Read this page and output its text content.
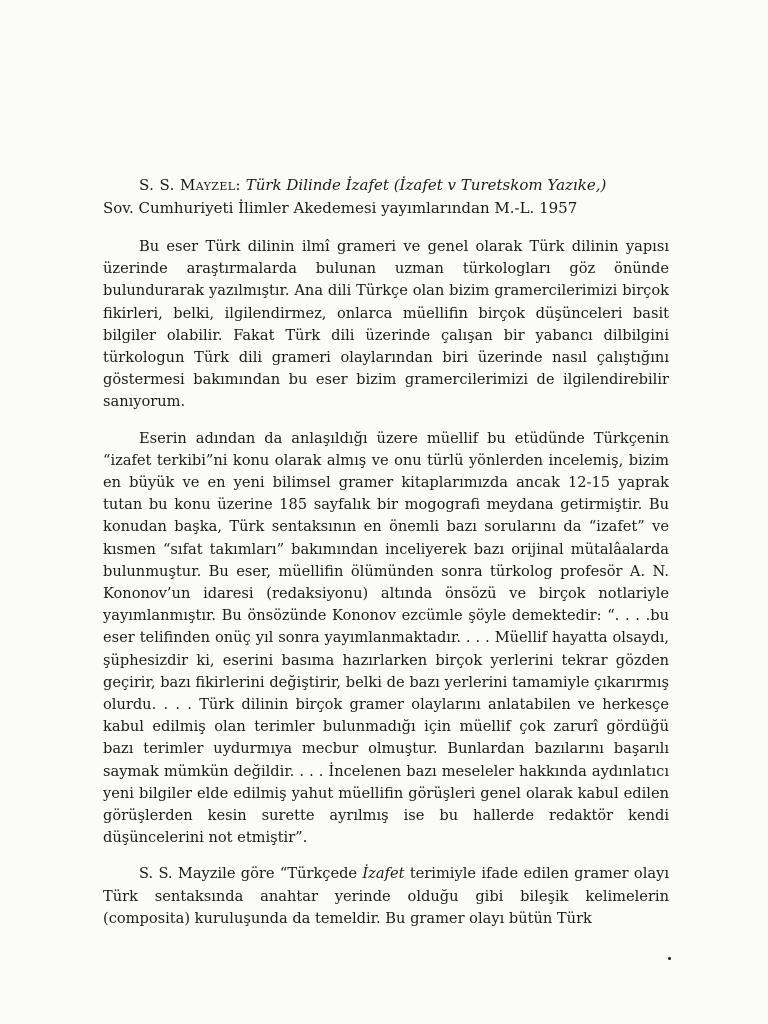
S. S. Mayzel: Türk Dilinde İzafet (İzafet v Turetskom Yazıke,)
Sov. Cumhuriyeti İlimler Akedemesi yayımlarından M.-L. 1957

Bu eser Türk dilinin ilmî grameri ve genel olarak Türk dilinin yapısı üzerinde araştırmalarda bulunan uzman türkologları göz önünde bulundurarak yazılmıştır. Ana dili Türkçe olan bizim gramercilerimizi birçok fikirleri, belki, ilgilendirmez, onlarca müellifin birçok düşünceleri basit bilgiler olabilir. Fakat Türk dili üzerinde çalışan bir yabancı dilbilgini türkologun Türk dili grameri olaylarından biri üzerinde nasıl çalıştığını göstermesi bakımından bu eser bizim gramercilerimizi de ilgilendirebilir sanıyorum.

Eserin adından da anlaşıldığı üzere müellif bu etüdünde Türkçenin “izafet terkibi”ni konu olarak almış ve onu türlü yönlerden incelemiş, bizim en büyük ve en yeni bilimsel gramer kitaplarımızda ancak 12-15 yaprak tutan bu konu üzerine 185 sayfalık bir mogografi meydana getirmiştir. Bu konudan başka, Türk sentaksının en önemli bazı sorularını da “izafet” ve kısmen “sıfat takımları” bakımından inceliyerek bazı orijinal mütalâalarda bulunmuştur. Bu eser, müellifin ölümünden sonra türkolog profesör A. N. Kononov’un idaresi (redaksiyonu) altında önsözü ve birçok notlariyle yayımlanmıştır. Bu önsözünde Kononov ezcümle şöyle demektedir: “. . . .bu eser telifinden onüç yıl sonra yayımlanmaktadır. . . . Müellif hayatta olsaydı, şüphesizdir ki, eserini basıma hazırlarken birçok yerlerini tekrar gözden geçirir, bazı fikirlerini değiştirir, belki de bazı yerlerini tamamiyle çıkarırmış olurdu. . . . Türk dilinin birçok gramer olaylarını anlatabilen ve herkesçe kabul edilmiş olan terimler bulunmadığı için müellif çok zarurî gördüğü bazı terimler uydurmıya mecbur olmuştur. Bunlardan bazılarını başarılı saymak mümkün değildir. . . . İncelenen bazı meseleler hakkında aydınlatıcı yeni bilgiler elde edilmiş yahut müellifin görüşleri genel olarak kabul edilen görüşlerden kesin surette ayrılmış ise bu hallerde redaktör kendi düşüncelerini not etmiştir”.

S. S. Mayzile göre “Türkçede İzafet terimiyle ifade edilen gramer olayı Türk sentaksında anahtar yerinde olduğu gibi bileşik kelimelerin (composita) kuruluşunda da temeldir. Bu gramer olayı bütün Türk
